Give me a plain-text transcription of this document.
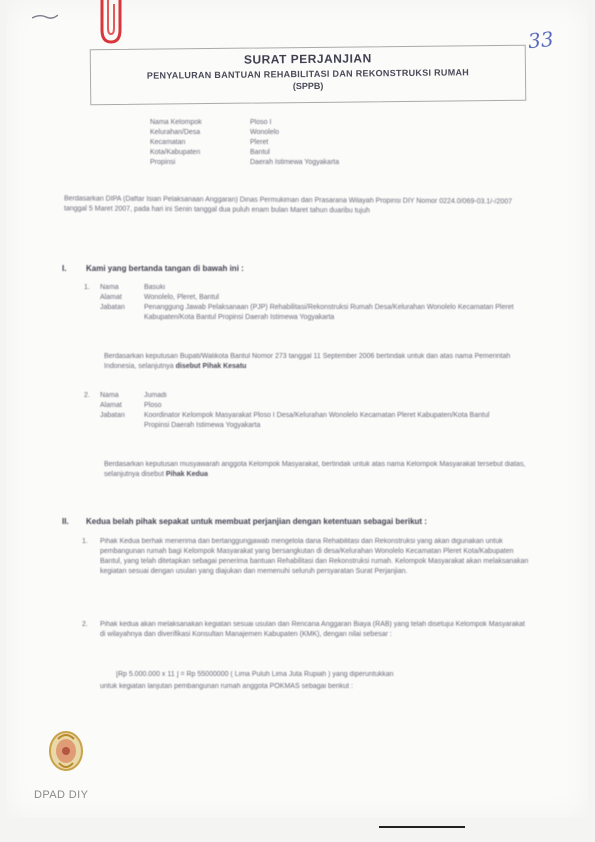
33
SURAT PERJANJIAN
PENYALURAN BANTUAN REHABILITASI DAN REKONSTRUKSI RUMAH
(SPPB)
Nama Kelompok	Ploso I
Kelurahan/Desa	Wonolelo
Kecamatan	Pleret
Kota/Kabupaten	Bantul
Propinsi	Daerah Istimewa Yogyakarta
Berdasarkan DIPA (Daftar Isian Pelaksanaan Anggaran) Dinas Permukiman dan Prasarana Wilayah Propinsi DIY Nomor 0224.0/069-03.1/-/2007 tanggal 5 Maret 2007, pada hari ini Senin tanggal dua puluh enam bulan Maret tahun duaribu tujuh
I. Kami yang bertanda tangan di bawah ini :
1.	Nama	Basuki
Alamat	Wonolelo, Pleret, Bantul
Jabatan	Penanggung Jawab Pelaksanaan (PJP) Rehabilitasi/Rekonstruksi Rumah Desa/Kelurahan Wonolelo Kecamatan Pleret Kabupaten/Kota Bantul Propinsi Daerah Istimewa Yogyakarta
Berdasarkan keputusan Bupati/Walikota Bantul Nomor 273 tanggal 11 September 2006 bertindak untuk dan atas nama Pemerintah Indonesia, selanjutnya disebut Pihak Kesatu
2.	Nama	Jumadi
Alamat	Ploso
Jabatan	Koordinator Kelompok Masyarakat Ploso I Desa/Kelurahan Wonolelo Kecamatan Pleret Kabupaten/Kota Bantul Propinsi Daerah Istimewa Yogyakarta
Berdasarkan keputusan musyawarah anggota Kelompok Masyarakat, bertindak untuk atas nama Kelompok Masyarakat tersebut diatas, selanjutnya disebut Pihak Kedua
II. Kedua belah pihak sepakat untuk membuat perjanjian dengan ketentuan sebagai berikut :
1.	Pihak Kedua berhak menerima dan bertanggungjawab mengelola dana Rehabilitasi dan Rekonstruksi yang akan digunakan untuk pembangunan rumah bagi Kelompok Masyarakat yang bersangkutan di desa/Kelurahan Wonolelo Kecamatan Pleret Kota/Kabupaten Bantul, yang telah ditetapkan sebagai penerima bantuan Rehabilitasi dan Rekonstruksi rumah. Kelompok Masyarakat akan melaksanakan kegiatan sesuai dengan usulan yang diajukan dan memenuhi seluruh persyaratan Surat Perjanjian.
2.	Pihak kedua akan melaksanakan kegiatan sesuai usulan dan Rencana Anggaran Biaya (RAB) yang telah disetujui Kelompok Masyarakat di wilayahnya dan diverifikasi Konsultan Manajemen Kabupaten (KMK), dengan nilai sebesar :
[Rp 5.000.000 x 11 ] = Rp 55000000 ( Lima Puluh Lima Juta Rupiah ) yang diperuntukkan
untuk kegiatan lanjutan pembangunan rumah anggota POKMAS sebagai berikut :
DPAD DIY
